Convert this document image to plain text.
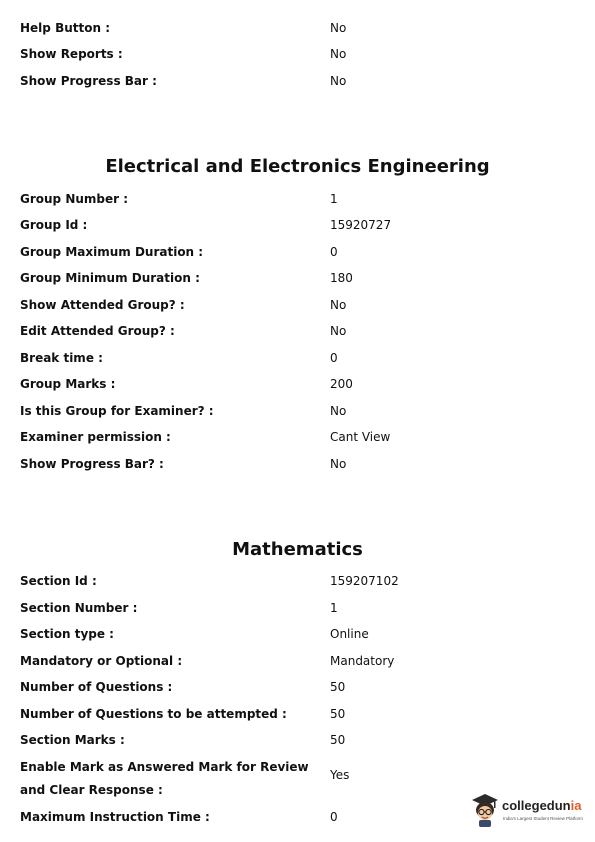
Help Button :	No
Show Reports :	No
Show Progress Bar :	No
Electrical and Electronics Engineering
Group Number :	1
Group Id :	15920727
Group Maximum Duration :	0
Group Minimum Duration :	180
Show Attended Group? :	No
Edit Attended Group? :	No
Break time :	0
Group Marks :	200
Is this Group for Examiner? :	No
Examiner permission :	Cant View
Show Progress Bar? :	No
Mathematics
Section Id :	159207102
Section Number :	1
Section type :	Online
Mandatory or Optional :	Mandatory
Number of Questions :	50
Number of Questions to be attempted :	50
Section Marks :	50
Enable Mark as Answered Mark for Review and Clear Response :
Yes
Maximum Instruction Time :	0
collegedunia
India's Largest Student Review Platform
